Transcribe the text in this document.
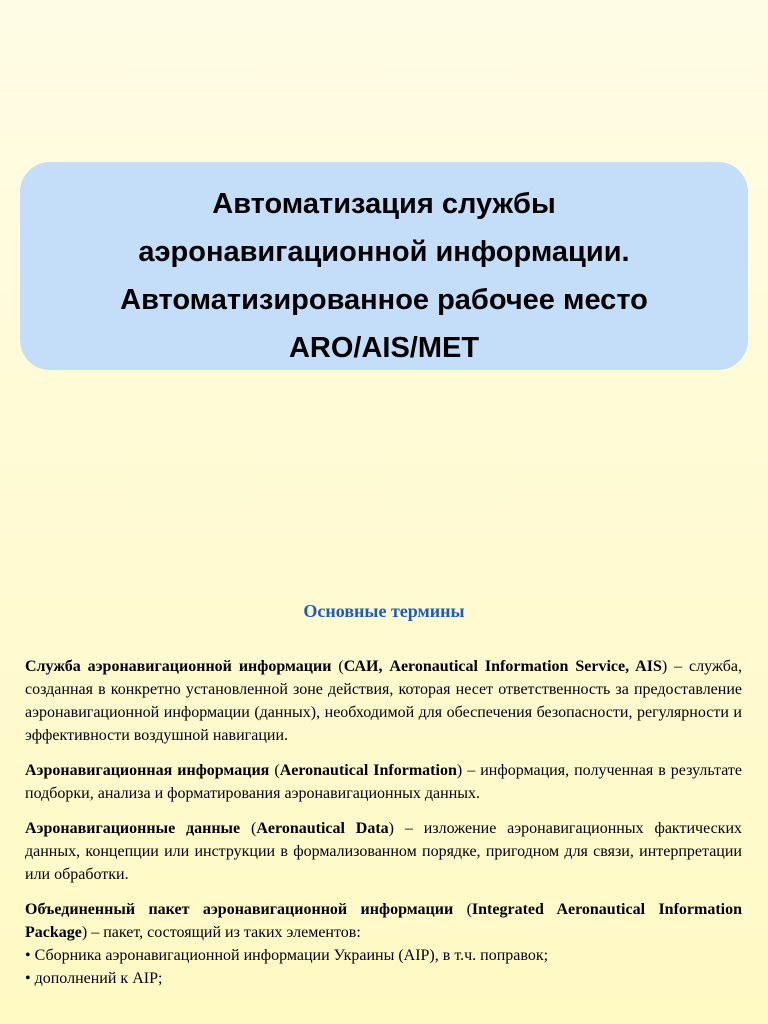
Автоматизация службы
аэронавигационной информации.
Автоматизированное рабочее место
ARO/AIS/MET
Основные термины

Служба аэронавигационной информации (САИ, Aeronautical Information Service, AIS) – служба, созданная в конкретно установленной зоне действия, которая несет ответственность за предоставление аэронавигационной информации (данных), необходимой для обеспечения безопасности, регулярности и эффективности воздушной навигации.

Аэронавигационная информация (Aeronautical Information) – информация, полученная в результате подборки, анализа и форматирования аэронавигационных данных.

Аэронавигационные данные (Aeronautical Data) – изложение аэронавигационных фактических данных, концепции или инструкции в формализованном порядке, пригодном для связи, интерпретации или обработки.

Объединенный пакет аэронавигационной информации (Integrated Aeronautical Information Package) – пакет, состоящий из таких элементов:

• Сборника аэронавигационной информации Украины (AIP), в т.ч. поправок;
• дополнений к AIP;
